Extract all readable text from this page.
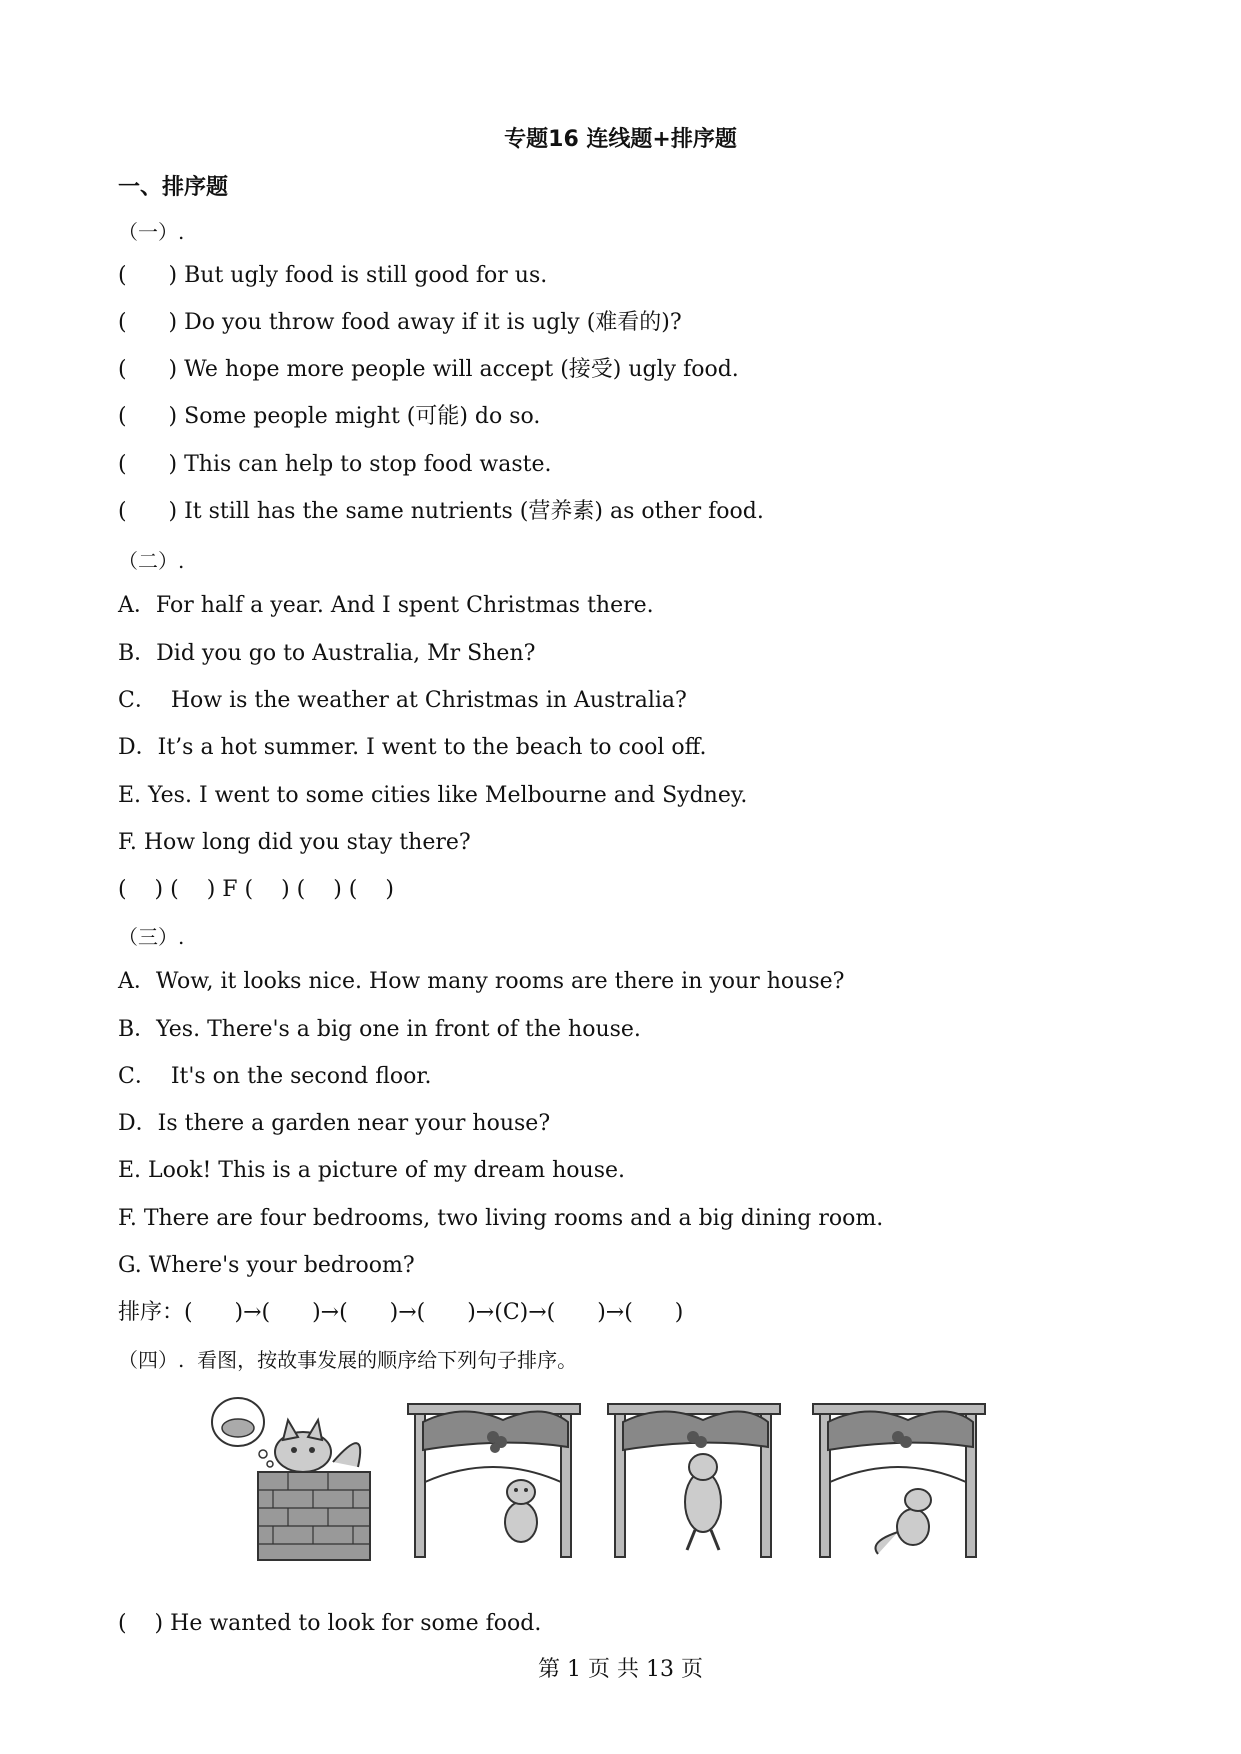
专题16 连线题+排序题
一、排序题
（一）.
(      ) But ugly food is still good for us.
(      ) Do you throw food away if it is ugly (难看的)?
(      ) We hope more people will accept (接受) ugly food.
(      ) Some people might (可能) do so.
(      ) This can help to stop food waste.
(      ) It still has the same nutrients (营养素) as other food.
（二）.
A．For half a year. And I spent Christmas there.
B．Did you go to Australia, Mr Shen?
C．  How is the weather at Christmas in Australia?
D．It’s a hot summer. I went to the beach to cool off.
E. Yes. I went to some cities like Melbourne and Sydney.
F. How long did you stay there?
(    ) (    ) F (    ) (    ) (    )
（三）.
A．Wow, it looks nice. How many rooms are there in your house?
B．Yes. There's a big one in front of the house.
C．  It's on the second floor.
D．Is there a garden near your house?
E. Look! This is a picture of my dream house.
F. There are four bedrooms, two living rooms and a big dining room.
G. Where's your bedroom?
排序：(      )→(      )→(      )→(      )→(C)→(      )→(      )
（四）.  看图，按故事发展的顺序给下列句子排序。
(    ) He wanted to look for some food.
第 1 页 共 13 页
